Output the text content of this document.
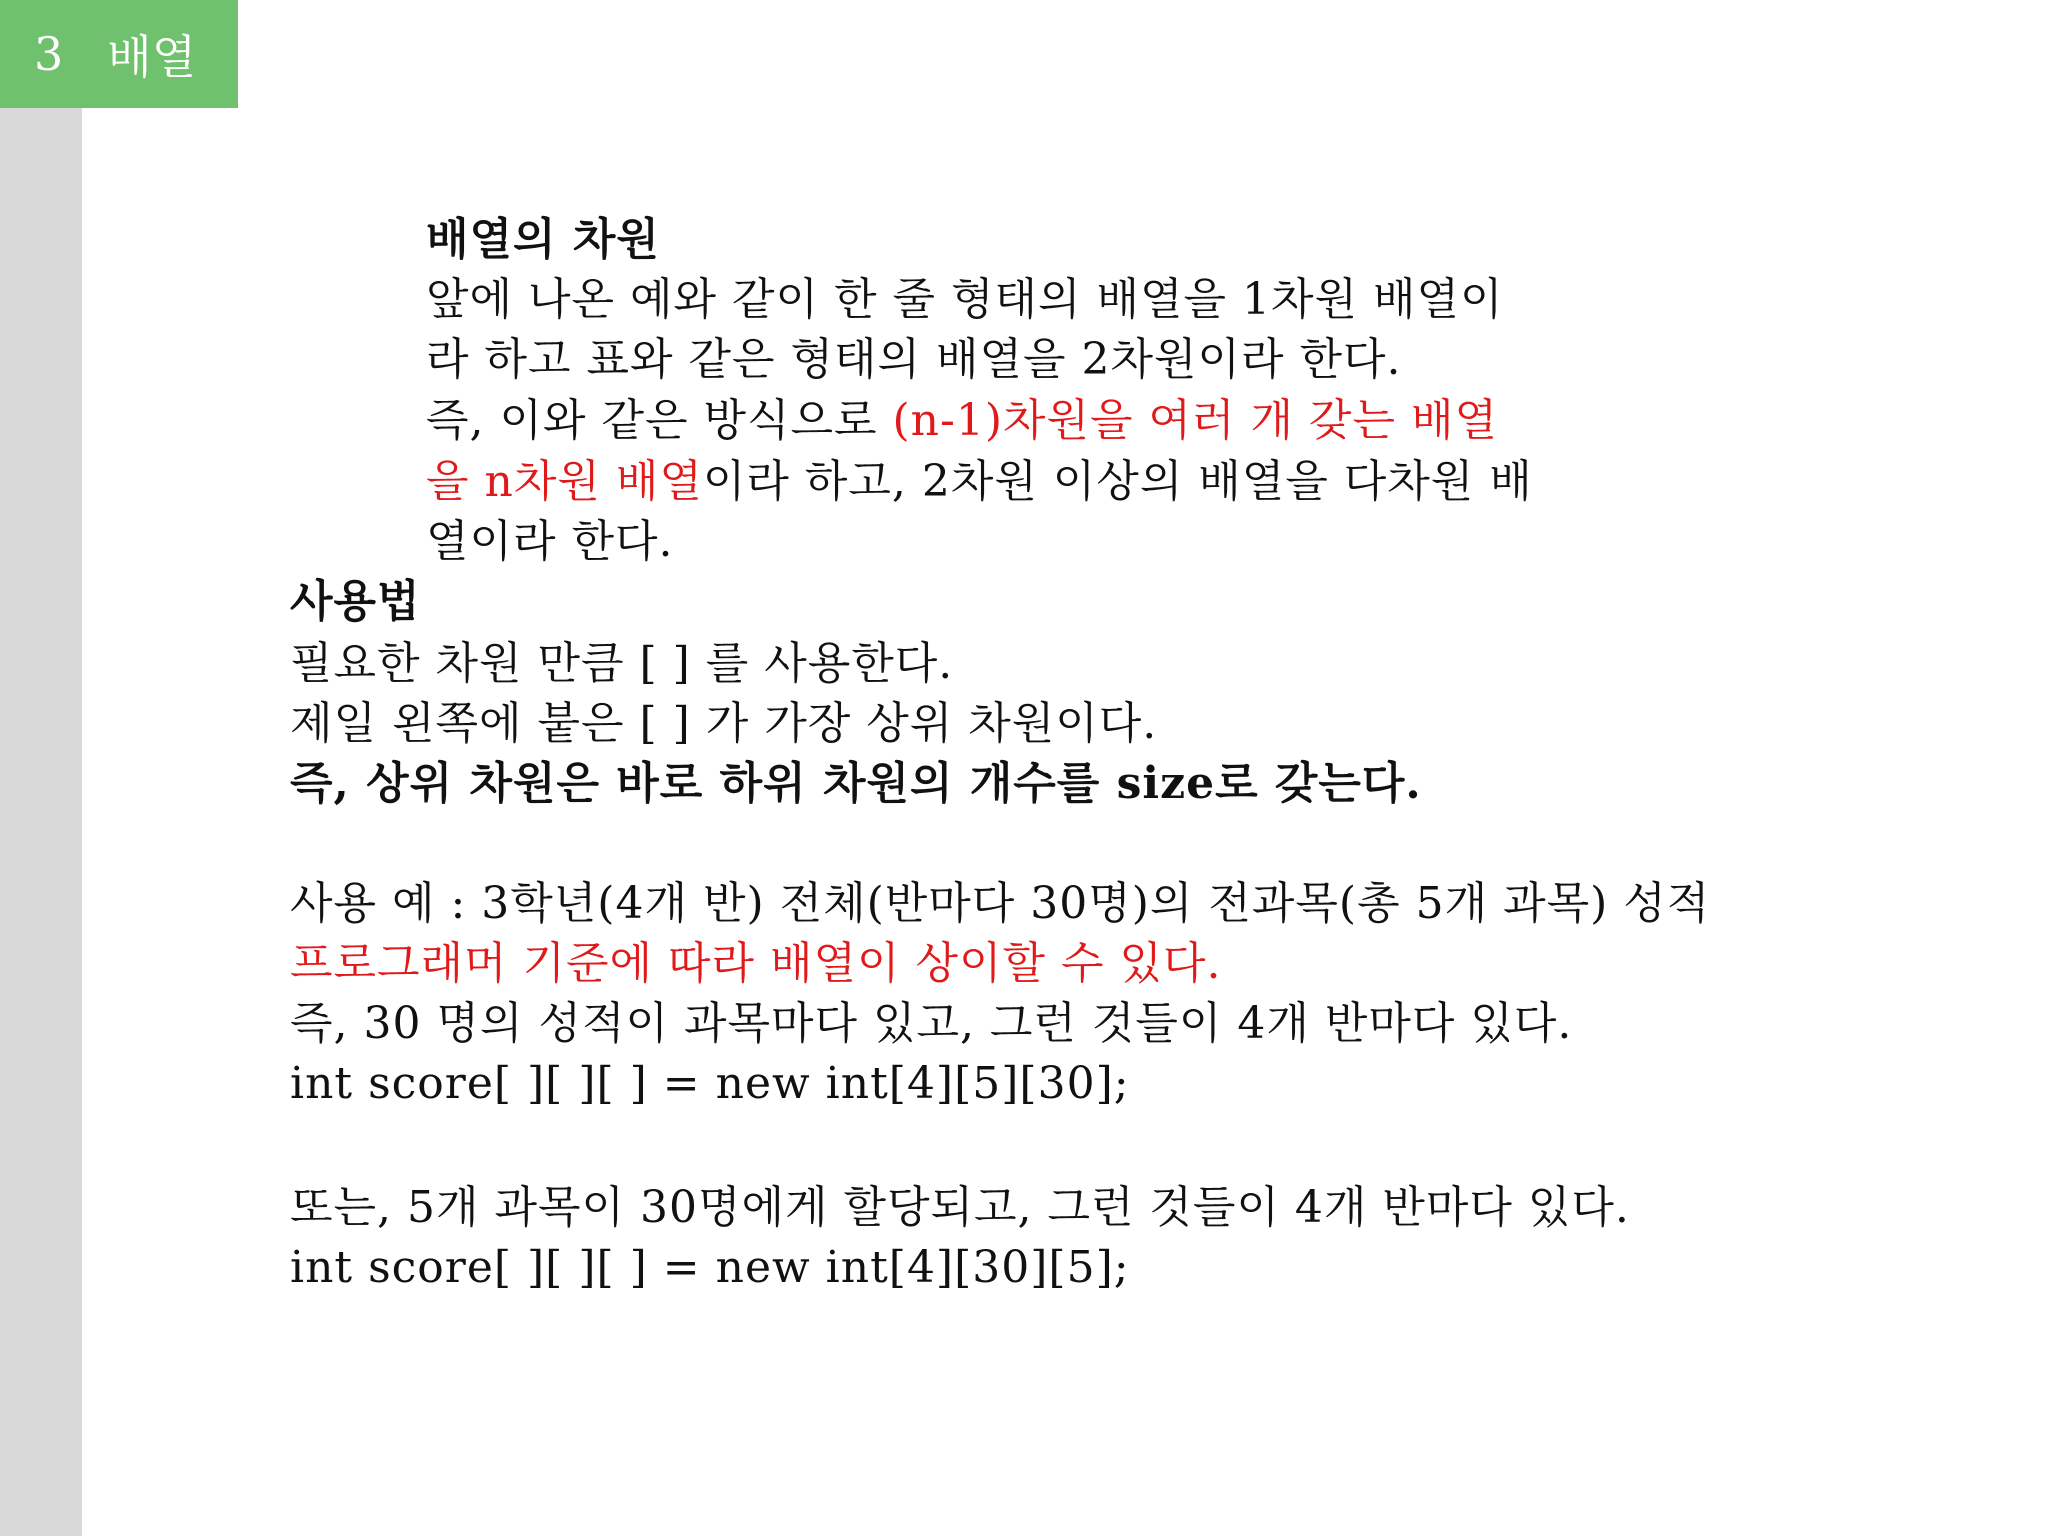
3 배열
배열의 차원
앞에 나온 예와 같이 한 줄 형태의 배열을 1차원 배열이
라 하고 표와 같은 형태의 배열을 2차원이라 한다.
즉, 이와 같은 방식으로 (n-1)차원을 여러 개 갖는 배열
을 n차원 배열이라 하고, 2차원 이상의 배열을 다차원 배
열이라 한다.
사용법
필요한 차원 만큼 [ ] 를 사용한다.
제일 왼쪽에 붙은 [ ] 가 가장 상위 차원이다.
즉, 상위 차원은 바로 하위 차원의 개수를 size로 갖는다.
사용 예 : 3학년(4개 반) 전체(반마다 30명)의 전과목(총 5개 과목) 성적
프로그래머 기준에 따라 배열이 상이할 수 있다.
즉, 30 명의 성적이 과목마다 있고, 그런 것들이 4개 반마다 있다.
int score[ ][ ][ ] = new int[4][5][30];
또는, 5개 과목이 30명에게 할당되고, 그런 것들이 4개 반마다 있다.
int score[ ][ ][ ] = new int[4][30][5];
